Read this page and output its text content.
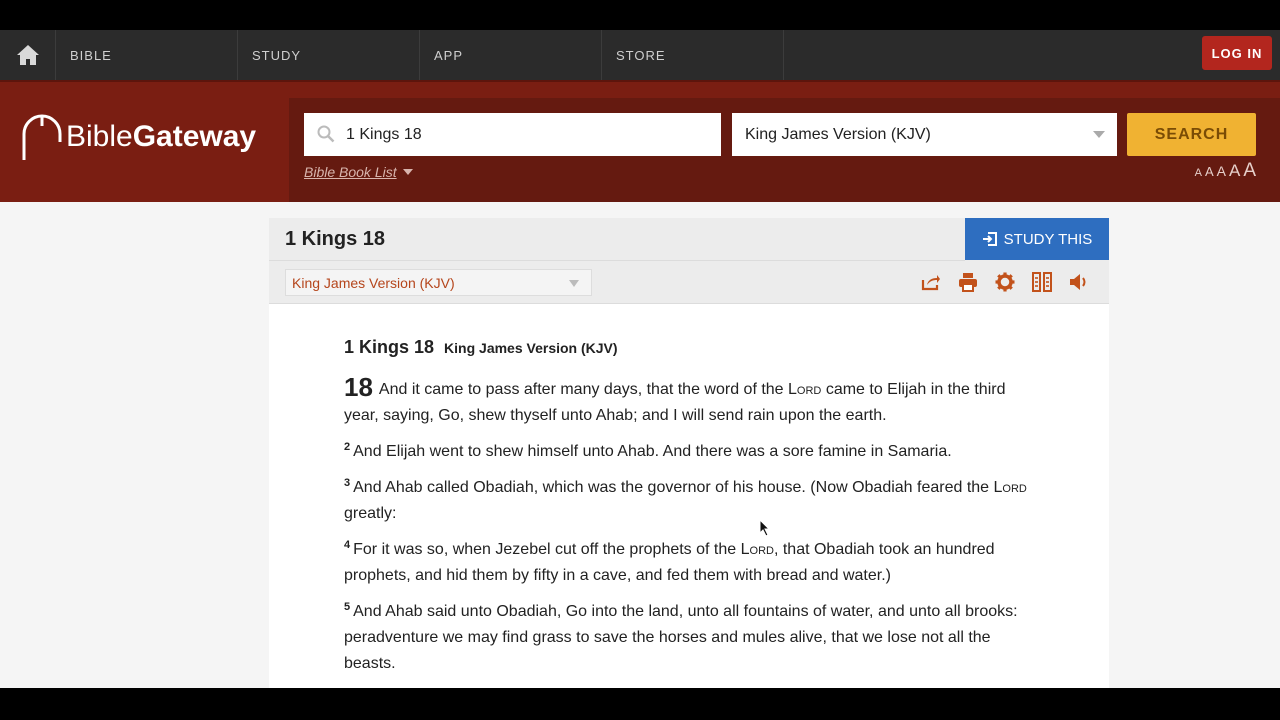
BIBLE	STUDY	APP	STORE	LOG IN
Bible Gateway	1 Kings 18	King James Version (KJV)	SEARCH
Bible Book List	A A A A A
1 Kings 18	STUDY THIS
King James Version (KJV)
1 Kings 18 King James Version (KJV)

18 And it came to pass after many days, that the word of the Lord came to Elijah in the third year, saying, Go, shew thyself unto Ahab; and I will send rain upon the earth.

$^2$ And Elijah went to shew himself unto Ahab. And there was a sore famine in Samaria.

$^3$ And Ahab called Obadiah, which was the governor of his house. (Now Obadiah feared the Lord greatly:

$^4$ For it was so, when Jezebel cut off the prophets of the Lord, that Obadiah took an hundred prophets, and hid them by fifty in a cave, and fed them with bread and water.)

$^5$ And Ahab said unto Obadiah, Go into the land, unto all fountains of water, and unto all brooks: peradventure we may find grass to save the horses and mules alive, that we lose not all the beasts.
